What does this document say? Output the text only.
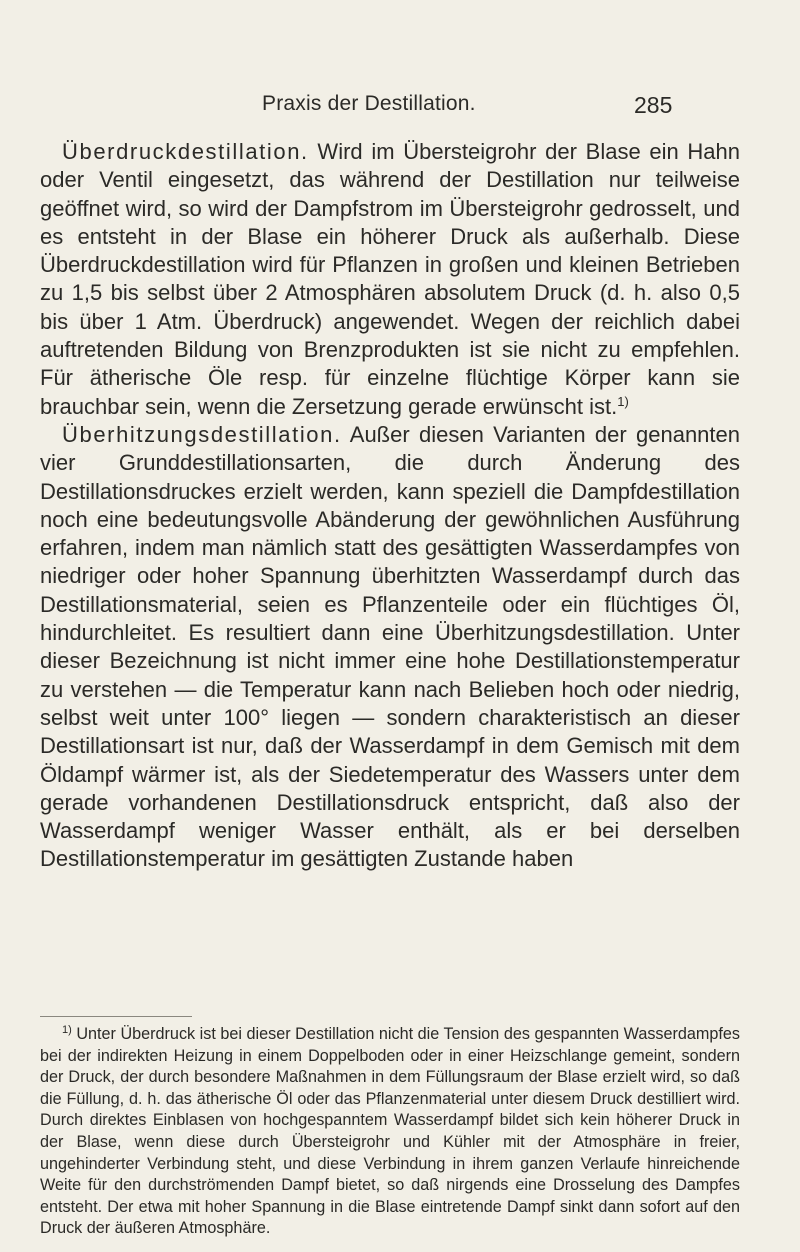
Praxis der Destillation.	285

Überdruckdestillation. Wird im Übersteigrohr der Blase ein Hahn oder Ventil eingesetzt, das während der Destillation nur teilweise geöffnet wird, so wird der Dampfstrom im Übersteigrohr gedrosselt, und es entsteht in der Blase ein höherer Druck als außerhalb. Diese Überdruckdestillation wird für Pflanzen in großen und kleinen Betrieben zu 1,5 bis selbst über 2 Atmosphären absolutem Druck (d. h. also 0,5 bis über 1 Atm. Überdruck) angewendet. Wegen der reichlich dabei auftretenden Bildung von Brenzprodukten ist sie nicht zu empfehlen. Für ätherische Öle resp. für einzelne flüchtige Körper kann sie brauchbar sein, wenn die Zersetzung gerade erwünscht ist.$^{1)}$

Überhitzungsdestillation. Außer diesen Varianten der genannten vier Grunddestillationsarten, die durch Änderung des Destillationsdruckes erzielt werden, kann speziell die Dampfdestillation noch eine bedeutungsvolle Abänderung der gewöhnlichen Ausführung erfahren, indem man nämlich statt des gesättigten Wasserdampfes von niedriger oder hoher Spannung überhitzten Wasserdampf durch das Destillationsmaterial, seien es Pflanzenteile oder ein flüchtiges Öl, hindurchleitet. Es resultiert dann eine Überhitzungsdestillation. Unter dieser Bezeichnung ist nicht immer eine hohe Destillationstemperatur zu verstehen — die Temperatur kann nach Belieben hoch oder niedrig, selbst weit unter 100° liegen — sondern charakteristisch an dieser Destillationsart ist nur, daß der Wasserdampf in dem Gemisch mit dem Öldampf wärmer ist, als der Siedetemperatur des Wassers unter dem gerade vorhandenen Destillationsdruck entspricht, daß also der Wasserdampf weniger Wasser enthält, als er bei derselben Destillationstemperatur im gesättigten Zustande haben

$^{1)}$ Unter Überdruck ist bei dieser Destillation nicht die Tension des gespannten Wasserdampfes bei der indirekten Heizung in einem Doppelboden oder in einer Heizschlange gemeint, sondern der Druck, der durch besondere Maßnahmen in dem Füllungsraum der Blase erzielt wird, so daß die Füllung, d. h. das ätherische Öl oder das Pflanzenmaterial unter diesem Druck destilliert wird. Durch direktes Einblasen von hochgespanntem Wasserdampf bildet sich kein höherer Druck in der Blase, wenn diese durch Übersteigrohr und Kühler mit der Atmosphäre in freier, ungehinderter Verbindung steht, und diese Verbindung in ihrem ganzen Verlaufe hinreichende Weite für den durchströmenden Dampf bietet, so daß nirgends eine Drosselung des Dampfes entsteht. Der etwa mit hoher Spannung in die Blase eintretende Dampf sinkt dann sofort auf den Druck der äußeren Atmosphäre.
